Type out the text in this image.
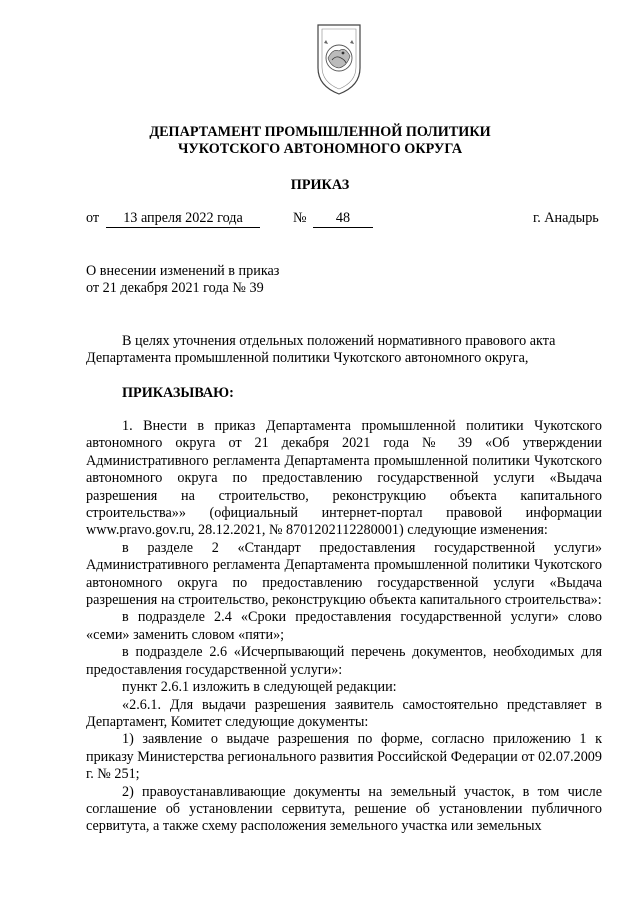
ДЕПАРТАМЕНТ ПРОМЫШЛЕННОЙ ПОЛИТИКИ
ЧУКОТСКОГО АВТОНОМНОГО ОКРУГА
ПРИКАЗ
от	13 апреля 2022 года	№	48	г. Анадырь
О внесении изменений в приказ
от 21 декабря 2021 года № 39
В целях уточнения отдельных положений нормативного правового акта
Департамента промышленной политики Чукотского автономного округа,
ПРИКАЗЫВАЮ:

1. Внести в приказ Департамента промышленной политики Чукотского автономного округа от 21 декабря 2021 года № 39 «Об утверждении Административного регламента Департамента промышленной политики Чукотского автономного округа по предоставлению государственной услуги «Выдача разрешения на строительство, реконструкцию объекта капитального строительства»» (официальный интернет-портал правовой информации www.pravo.gov.ru, 28.12.2021, № 8701202112280001) следующие изменения:

в разделе 2 «Стандарт предоставления государственной услуги» Административного регламента Департамента промышленной политики Чукотского автономного округа по предоставлению государственной услуги «Выдача разрешения на строительство, реконструкцию объекта капитального строительства»:

в подразделе 2.4 «Сроки предоставления государственной услуги» слово «семи» заменить словом «пяти»;

в подразделе 2.6 «Исчерпывающий перечень документов, необходимых для предоставления государственной услуги»:

пункт 2.6.1 изложить в следующей редакции:

«2.6.1. Для выдачи разрешения заявитель самостоятельно представляет в Департамент, Комитет следующие документы:

1) заявление о выдаче разрешения по форме, согласно приложению 1 к приказу Министерства регионального развития Российской Федерации от 02.07.2009 г. № 251;

2) правоустанавливающие документы на земельный участок, в том числе соглашение об установлении сервитута, решение об установлении публичного сервитута, а также схему расположения земельного участка или земельных
